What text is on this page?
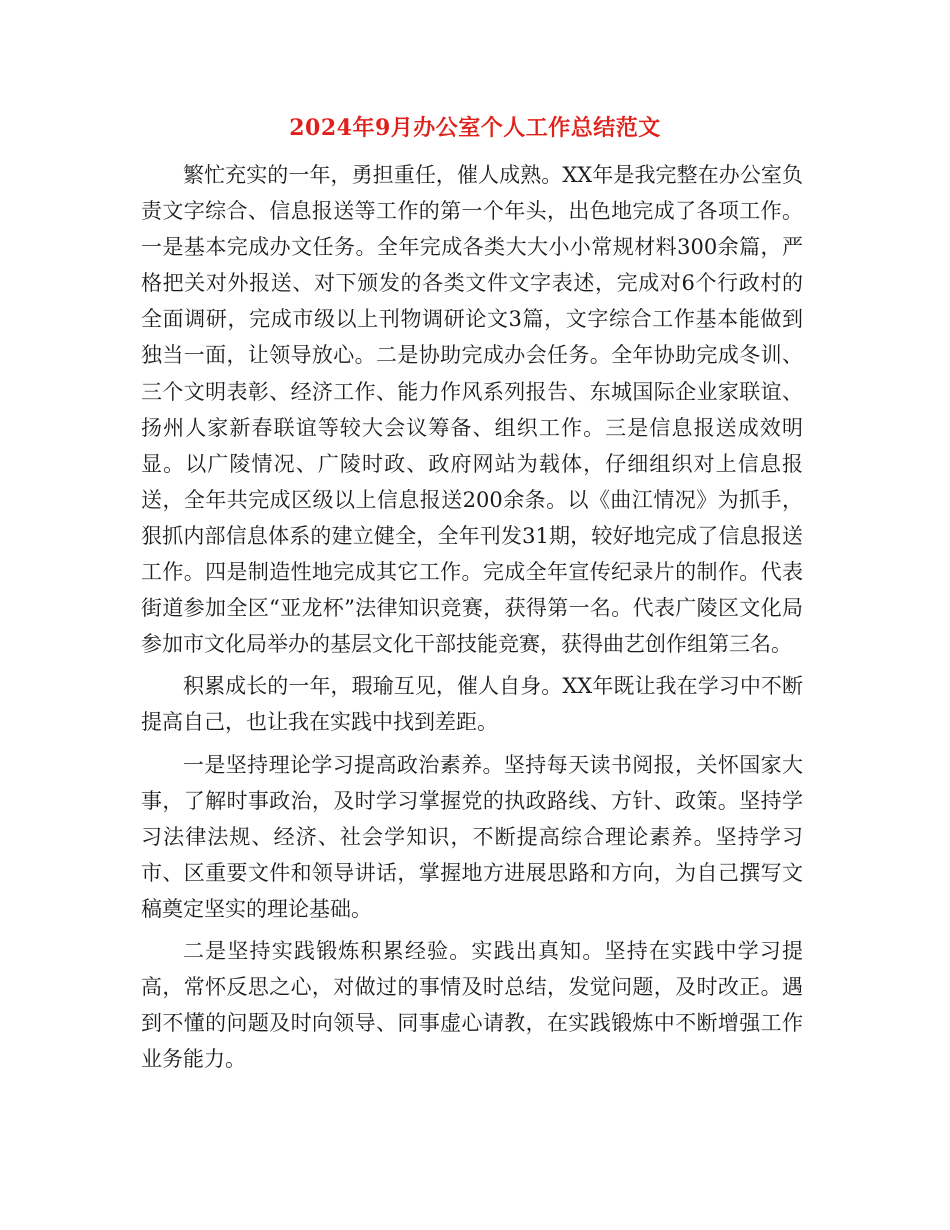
2024年9月办公室个人工作总结范文

繁忙充实的一年，勇担重任，催人成熟。XX年是我完整在办公室负责文字综合、信息报送等工作的第一个年头，出色地完成了各项工作。一是基本完成办文任务。全年完成各类大大小小常规材料300余篇，严格把关对外报送、对下颁发的各类文件文字表述，完成对6个行政村的全面调研，完成市级以上刊物调研论文3篇，文字综合工作基本能做到独当一面，让领导放心。二是协助完成办会任务。全年协助完成冬训、三个文明表彰、经济工作、能力作风系列报告、东城国际企业家联谊、扬州人家新春联谊等较大会议筹备、组织工作。三是信息报送成效明显。以广陵情况、广陵时政、政府网站为载体，仔细组织对上信息报送，全年共完成区级以上信息报送200余条。以《曲江情况》为抓手，狠抓内部信息体系的建立健全，全年刊发31期，较好地完成了信息报送工作。四是制造性地完成其它工作。完成全年宣传纪录片的制作。代表街道参加全区“亚龙杯”法律知识竞赛，获得第一名。代表广陵区文化局参加市文化局举办的基层文化干部技能竞赛，获得曲艺创作组第三名。

积累成长的一年，瑕瑜互见，催人自身。XX年既让我在学习中不断提高自己，也让我在实践中找到差距。

一是坚持理论学习提高政治素养。坚持每天读书阅报，关怀国家大事，了解时事政治，及时学习掌握党的执政路线、方针、政策。坚持学习法律法规、经济、社会学知识，不断提高综合理论素养。坚持学习市、区重要文件和领导讲话，掌握地方进展思路和方向，为自己撰写文稿奠定坚实的理论基础。

二是坚持实践锻炼积累经验。实践出真知。坚持在实践中学习提高，常怀反思之心，对做过的事情及时总结，发觉问题，及时改正。遇到不懂的问题及时向领导、同事虚心请教，在实践锻炼中不断增强工作业务能力。
